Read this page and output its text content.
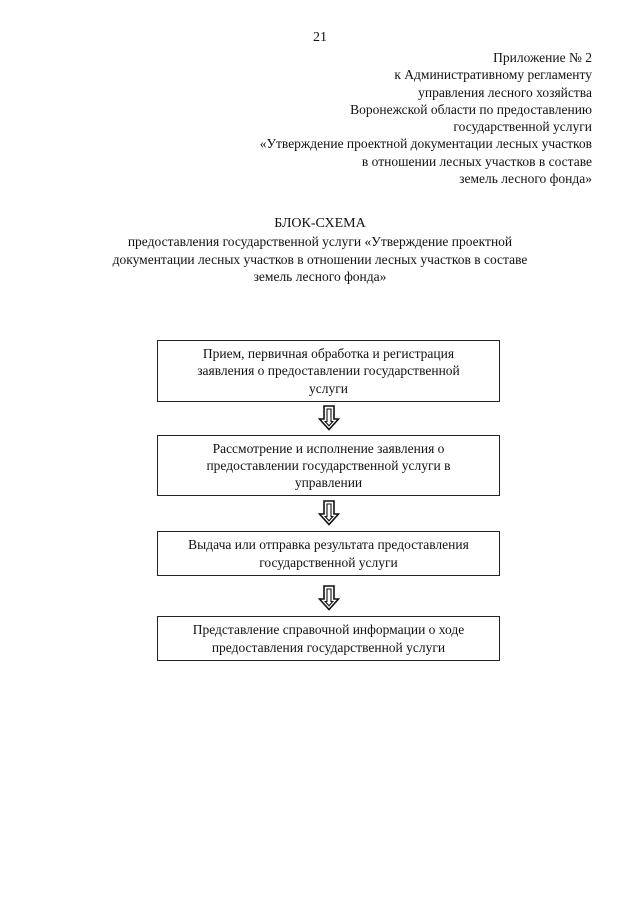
21
Приложение № 2
к Административному регламенту
управления лесного хозяйства
Воронежской области по предоставлению
государственной услуги
«Утверждение проектной документации лесных участков
в отношении лесных участков в составе
земель лесного фонда»
БЛОК-СХЕМА
предоставления государственной услуги «Утверждение проектной
документации лесных участков в отношении лесных участков в составе
земель лесного фонда»
Прием, первичная обработка и регистрация
заявления о предоставлении государственной
услуги
Рассмотрение и исполнение заявления о
предоставлении государственной услуги в
управлении
Выдача или отправка результата предоставления
государственной услуги
Представление справочной информации о ходе
предоставления государственной услуги
